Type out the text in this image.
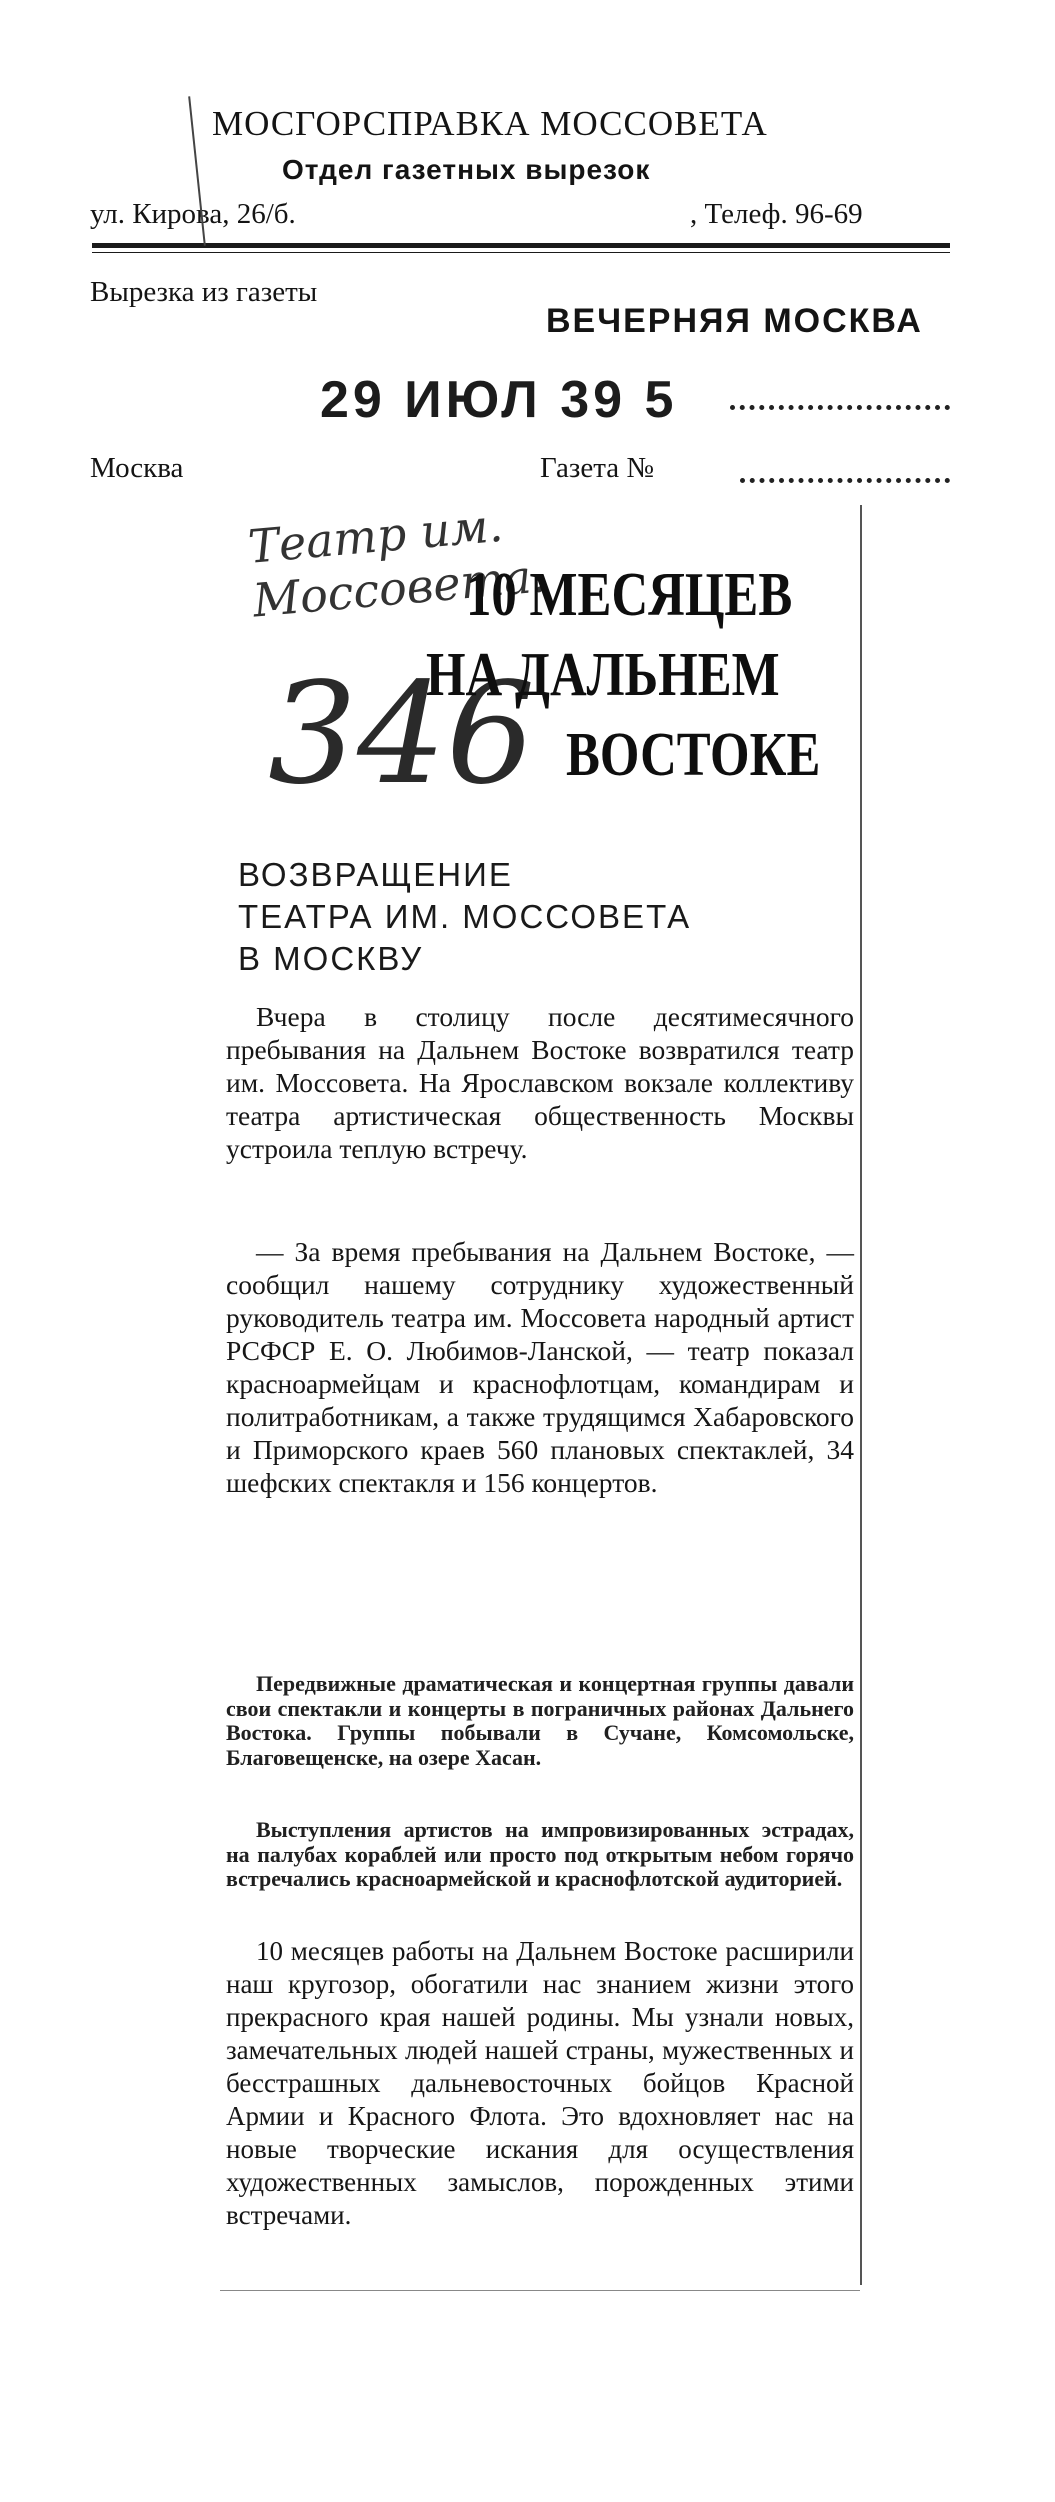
МОСГОРСПРАВКА МОССОВЕТА
Отдел газетных вырезок
ул. Кирова, 26/б.	, Телеф. 96-69
Вырезка из газеты
ВЕЧЕРНЯЯ МОСКВА
29 ИЮЛ 39 5
Москва	Газета №
Театр им. Моссовета.
346
10 МЕСЯЦЕВ
НА ДАЛЬНЕМ
ВОСТОКЕ
ВОЗВРАЩЕНИЕ
ТЕАТРА ИМ. МОССОВЕТА
В МОСКВУ
Вчера в столицу после десятимесячного пребывания на Дальнем Востоке возвратился театр им. Моссовета. На Ярославском вокзале коллективу театра артистическая общественность Москвы устроила теплую встречу.
— За время пребывания на Дальнем Востоке, — сообщил нашему сотруднику художественный руководитель театра им. Моссовета народный артист РСФСР Е. О. Любимов-Ланской, — театр показал красноармейцам и краснофлотцам, командирам и политработникам, а также трудящимся Хабаровского и Приморского краев 560 плановых спектаклей, 34 шефских спектакля и 156 концертов.
Передвижные драматическая и концертная группы давали свои спектакли и концерты в пограничных районах Дальнего Востока. Группы побывали в Сучане, Комсомольске, Благовещенске, на озере Хасан.
Выступления артистов на импровизированных эстрадах, на палубах кораблей или просто под открытым небом горячо встречались красноармейской и краснофлотской аудиторией.
10 месяцев работы на Дальнем Востоке расширили наш кругозор, обогатили нас знанием жизни этого прекрасного края нашей родины. Мы узнали новых, замечательных людей нашей страны, мужественных и бесстрашных дальневосточных бойцов Красной Армии и Красного Флота. Это вдохновляет нас на новые творческие искания для осуществления художественных замыслов, порожденных этими встречами.
